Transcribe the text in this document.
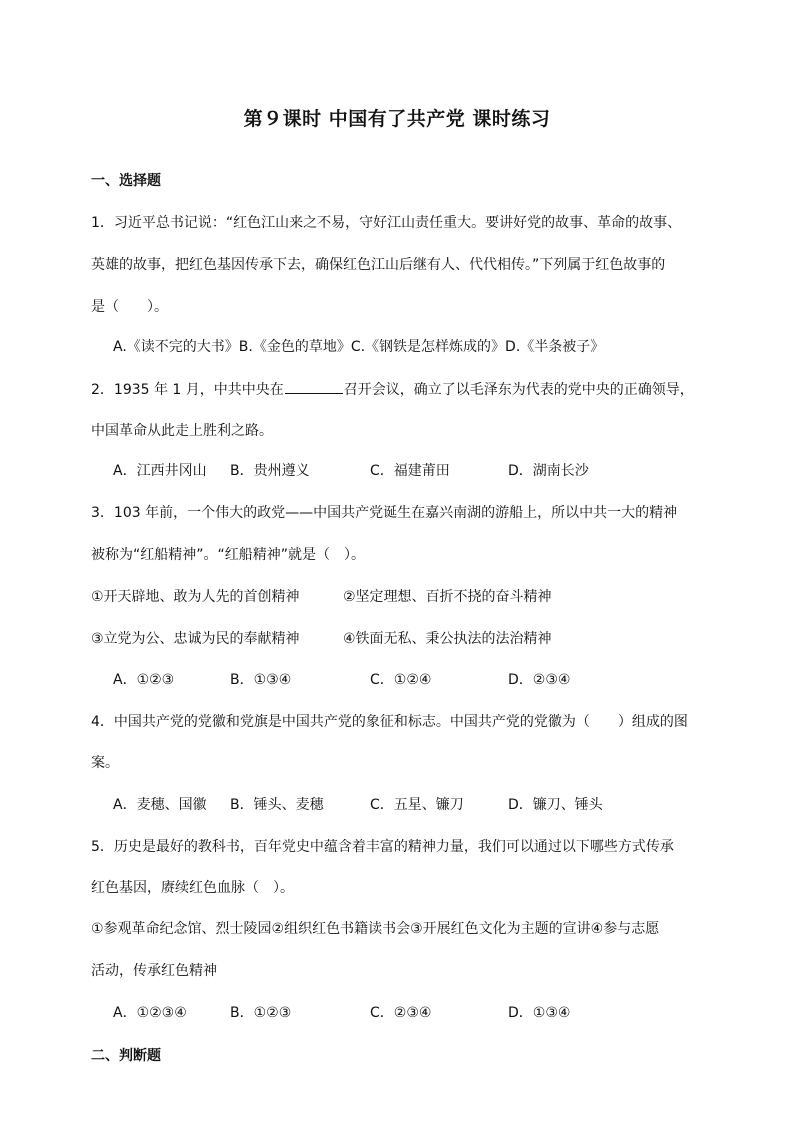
第９课时 中国有了共产党 课时练习
一、选择题
1．习近平总书记说：“红色江山来之不易，守好江山责任重大。要讲好党的故事、革命的故事、
英雄的故事，把红色基因传承下去，确保红色江山后继有人、代代相传。”下列属于红色故事的
是（　　）。
A.《读不完的大书》B.《金色的草地》C.《钢铁是怎样炼成的》D.《半条被子》
2．1935 年 1 月，中共中央在	召开会议，确立了以毛泽东为代表的党中央的正确领导，
中国革命从此走上胜利之路。
A．江西井冈山 B．贵州遵义	C．福建莆田	D．湖南长沙
3．103 年前，一个伟大的政党——中国共产党诞生在嘉兴南湖的游船上，所以中共一大的精神
被称为“红船精神”。“红船精神”就是（　）。
①开天辟地、敢为人先的首创精神	②坚定理想、百折不挠的奋斗精神
③立党为公、忠诚为民的奉献精神	④铁面无私、秉公执法的法治精神
A．①②③	B．①③④	C．①②④	D．②③④
4．中国共产党的党徽和党旗是中国共产党的象征和标志。中国共产党的党徽为（　　）组成的图
案。
A．麦穗、国徽 B．锤头、麦穗	C．五星、镰刀	D．镰刀、锤头
5．历史是最好的教科书，百年党史中蕴含着丰富的精神力量，我们可以通过以下哪些方式传承
红色基因，赓续红色血脉（　）。
①参观革命纪念馆、烈士陵园②组织红色书籍读书会③开展红色文化为主题的宣讲④参与志愿
活动，传承红色精神
A．①②③④	B．①②③	C．②③④	D．①③④
二、判断题
